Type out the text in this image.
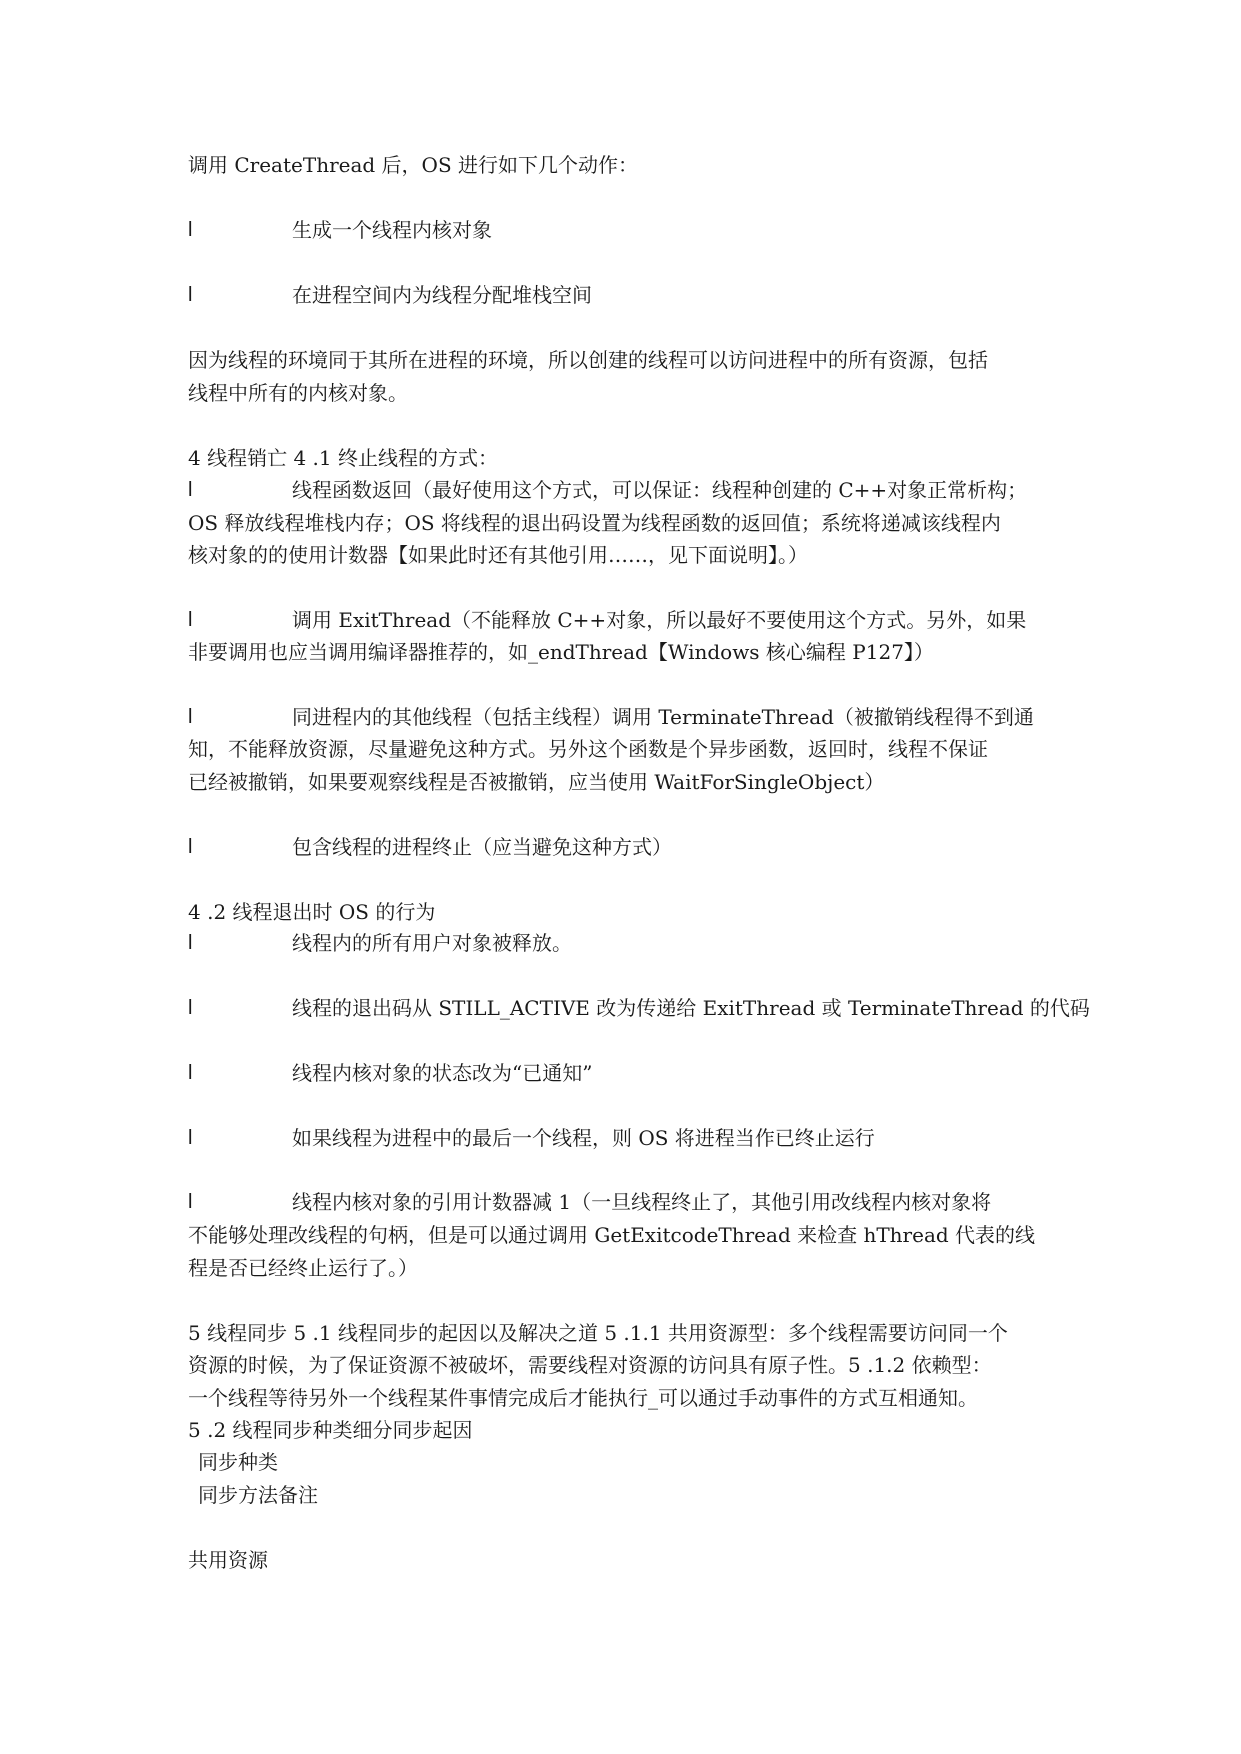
调用 CreateThread 后，OS 进行如下几个动作：
l	生成一个线程内核对象
l	在进程空间内为线程分配堆栈空间
因为线程的环境同于其所在进程的环境，所以创建的线程可以访问进程中的所有资源，包括
线程中所有的内核对象。
4 线程销亡 4 .1 终止线程的方式：
l	线程函数返回（最好使用这个方式，可以保证：线程种创建的 C++对象正常析构；
OS 释放线程堆栈内存；OS 将线程的退出码设置为线程函数的返回值；系统将递减该线程内
核对象的的使用计数器【如果此时还有其他引用……，见下面说明】。）
l	调用 ExitThread（不能释放 C++对象，所以最好不要使用这个方式。另外，如果
非要调用也应当调用编译器推荐的，如_endThread【Windows 核心编程 P127】）
l	同进程内的其他线程（包括主线程）调用 TerminateThread（被撤销线程得不到通
知，不能释放资源，尽量避免这种方式。另外这个函数是个异步函数，返回时，线程不保证
已经被撤销，如果要观察线程是否被撤销，应当使用 WaitForSingleObject）
l	包含线程的进程终止（应当避免这种方式）
4 .2 线程退出时 OS 的行为
l	线程内的所有用户对象被释放。
l	线程的退出码从 STILL_ACTIVE 改为传递给 ExitThread 或 TerminateThread 的代码
l	线程内核对象的状态改为“已通知”
l	如果线程为进程中的最后一个线程，则 OS 将进程当作已终止运行
l	线程内核对象的引用计数器减 1（一旦线程终止了，其他引用改线程内核对象将
不能够处理改线程的句柄，但是可以通过调用 GetExitcodeThread 来检查 hThread 代表的线
程是否已经终止运行了。）
5 线程同步 5 .1 线程同步的起因以及解决之道 5 .1.1 共用资源型：多个线程需要访问同一个
资源的时候，为了保证资源不被破坏，需要线程对资源的访问具有原子性。5 .1.2 依赖型：
一个线程等待另外一个线程某件事情完成后才能执行_可以通过手动事件的方式互相通知。
5 .2 线程同步种类细分同步起因
同步种类
同步方法备注
共用资源
